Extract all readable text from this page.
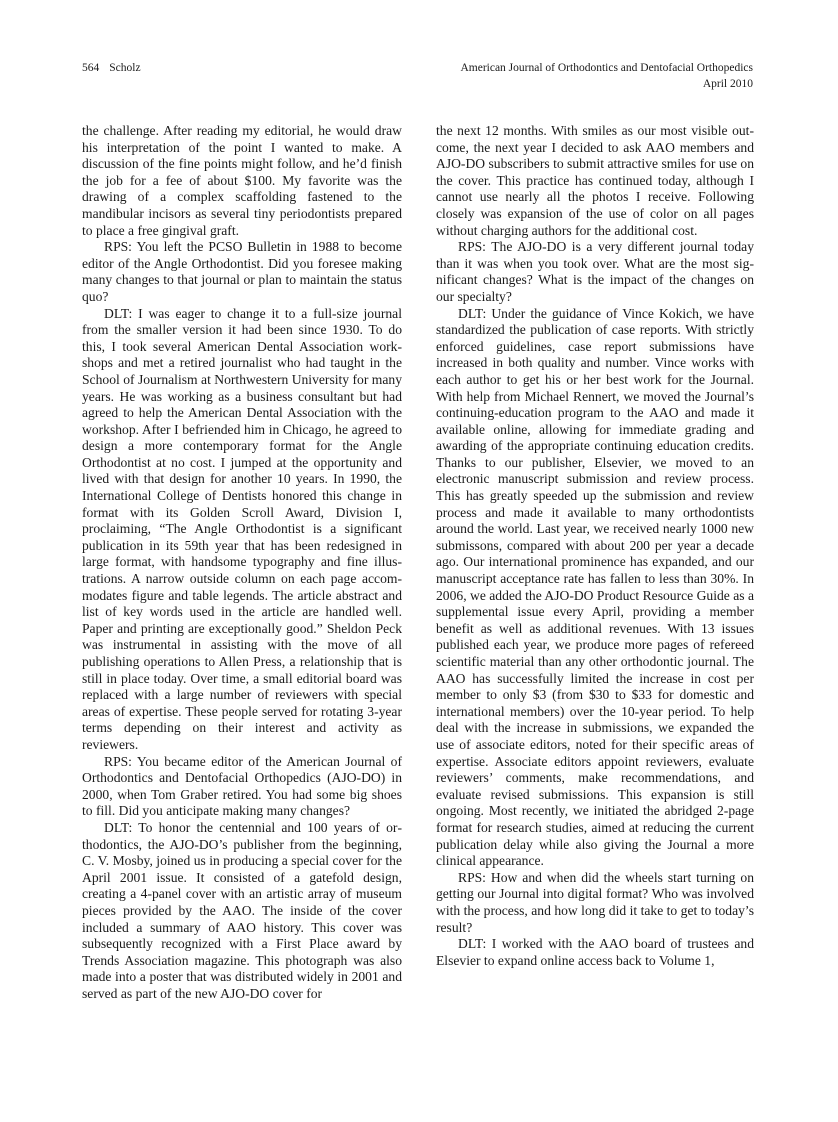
564 Scholz	American Journal of Orthodontics and Dentofacial Orthopedics
April 2010

the challenge. After reading my editorial, he would draw his interpretation of the point I wanted to make. A discussion of the fine points might follow, and he’d finish the job for a fee of about $100. My favorite was the drawing of a complex scaffolding fastened to the mandibular incisors as several tiny periodontists prepared to place a free gingival graft.

RPS: You left the PCSO Bulletin in 1988 to become editor of the Angle Orthodontist. Did you foresee making many changes to that journal or plan to maintain the status quo?

DLT: I was eager to change it to a full-size journal from the smaller version it had been since 1930. To do this, I took several American Dental Association workshops and met a retired journalist who had taught in the School of Journalism at Northwestern University for many years. He was working as a business consultant but had agreed to help the American Dental Association with the workshop. After I befriended him in Chicago, he agreed to design a more contemporary format for the Angle Orthodontist at no cost. I jumped at the opportunity and lived with that design for another 10 years. In 1990, the International College of Dentists honored this change in format with its Golden Scroll Award, Division I, proclaiming, “The Angle Orthodontist is a significant publication in its 59th year that has been redesigned in large format, with handsome typography and fine illustrations. A narrow outside column on each page accommodates figure and table legends. The article abstract and list of key words used in the article are handled well. Paper and printing are exceptionally good.” Sheldon Peck was instrumental in assisting with the move of all publishing operations to Allen Press, a relationship that is still in place today. Over time, a small editorial board was replaced with a large number of reviewers with special areas of expertise. These people served for rotating 3-year terms depending on their interest and activity as reviewers.

RPS: You became editor of the American Journal of Orthodontics and Dentofacial Orthopedics (AJO-DO) in 2000, when Tom Graber retired. You had some big shoes to fill. Did you anticipate making many changes?

DLT: To honor the centennial and 100 years of orthodontics, the AJO-DO’s publisher from the beginning, C. V. Mosby, joined us in producing a special cover for the April 2001 issue. It consisted of a gatefold design, creating a 4-panel cover with an artistic array of museum pieces provided by the AAO. The inside of the cover included a summary of AAO history. This cover was subsequently recognized with a First Place award by Trends Association magazine. This photograph was also made into a poster that was distributed widely in 2001 and served as part of the new AJO-DO cover for

the next 12 months. With smiles as our most visible outcome, the next year I decided to ask AAO members and AJO-DO subscribers to submit attractive smiles for use on the cover. This practice has continued today, although I cannot use nearly all the photos I receive. Following closely was expansion of the use of color on all pages without charging authors for the additional cost.

RPS: The AJO-DO is a very different journal today than it was when you took over. What are the most significant changes? What is the impact of the changes on our specialty?

DLT: Under the guidance of Vince Kokich, we have standardized the publication of case reports. With strictly enforced guidelines, case report submissions have increased in both quality and number. Vince works with each author to get his or her best work for the Journal. With help from Michael Rennert, we moved the Journal’s continuing-education program to the AAO and made it available online, allowing for immediate grading and awarding of the appropriate continuing education credits. Thanks to our publisher, Elsevier, we moved to an electronic manuscript submission and review process. This has greatly speeded up the submission and review process and made it available to many orthodontists around the world. Last year, we received nearly 1000 new submissons, compared with about 200 per year a decade ago. Our international prominence has expanded, and our manuscript acceptance rate has fallen to less than 30%. In 2006, we added the AJO-DO Product Resource Guide as a supplemental issue every April, providing a member benefit as well as additional revenues. With 13 issues published each year, we produce more pages of refereed scientific material than any other orthodontic journal. The AAO has successfully limited the increase in cost per member to only $3 (from $30 to $33 for domestic and international members) over the 10-year period. To help deal with the increase in submissions, we expanded the use of associate editors, noted for their specific areas of expertise. Associate editors appoint reviewers, evaluate reviewers’ comments, make recommendations, and evaluate revised submissions. This expansion is still ongoing. Most recently, we initiated the abridged 2-page format for research studies, aimed at reducing the current publication delay while also giving the Journal a more clinical appearance.

RPS: How and when did the wheels start turning on getting our Journal into digital format? Who was involved with the process, and how long did it take to get to today’s result?

DLT: I worked with the AAO board of trustees and Elsevier to expand online access back to Volume 1,
